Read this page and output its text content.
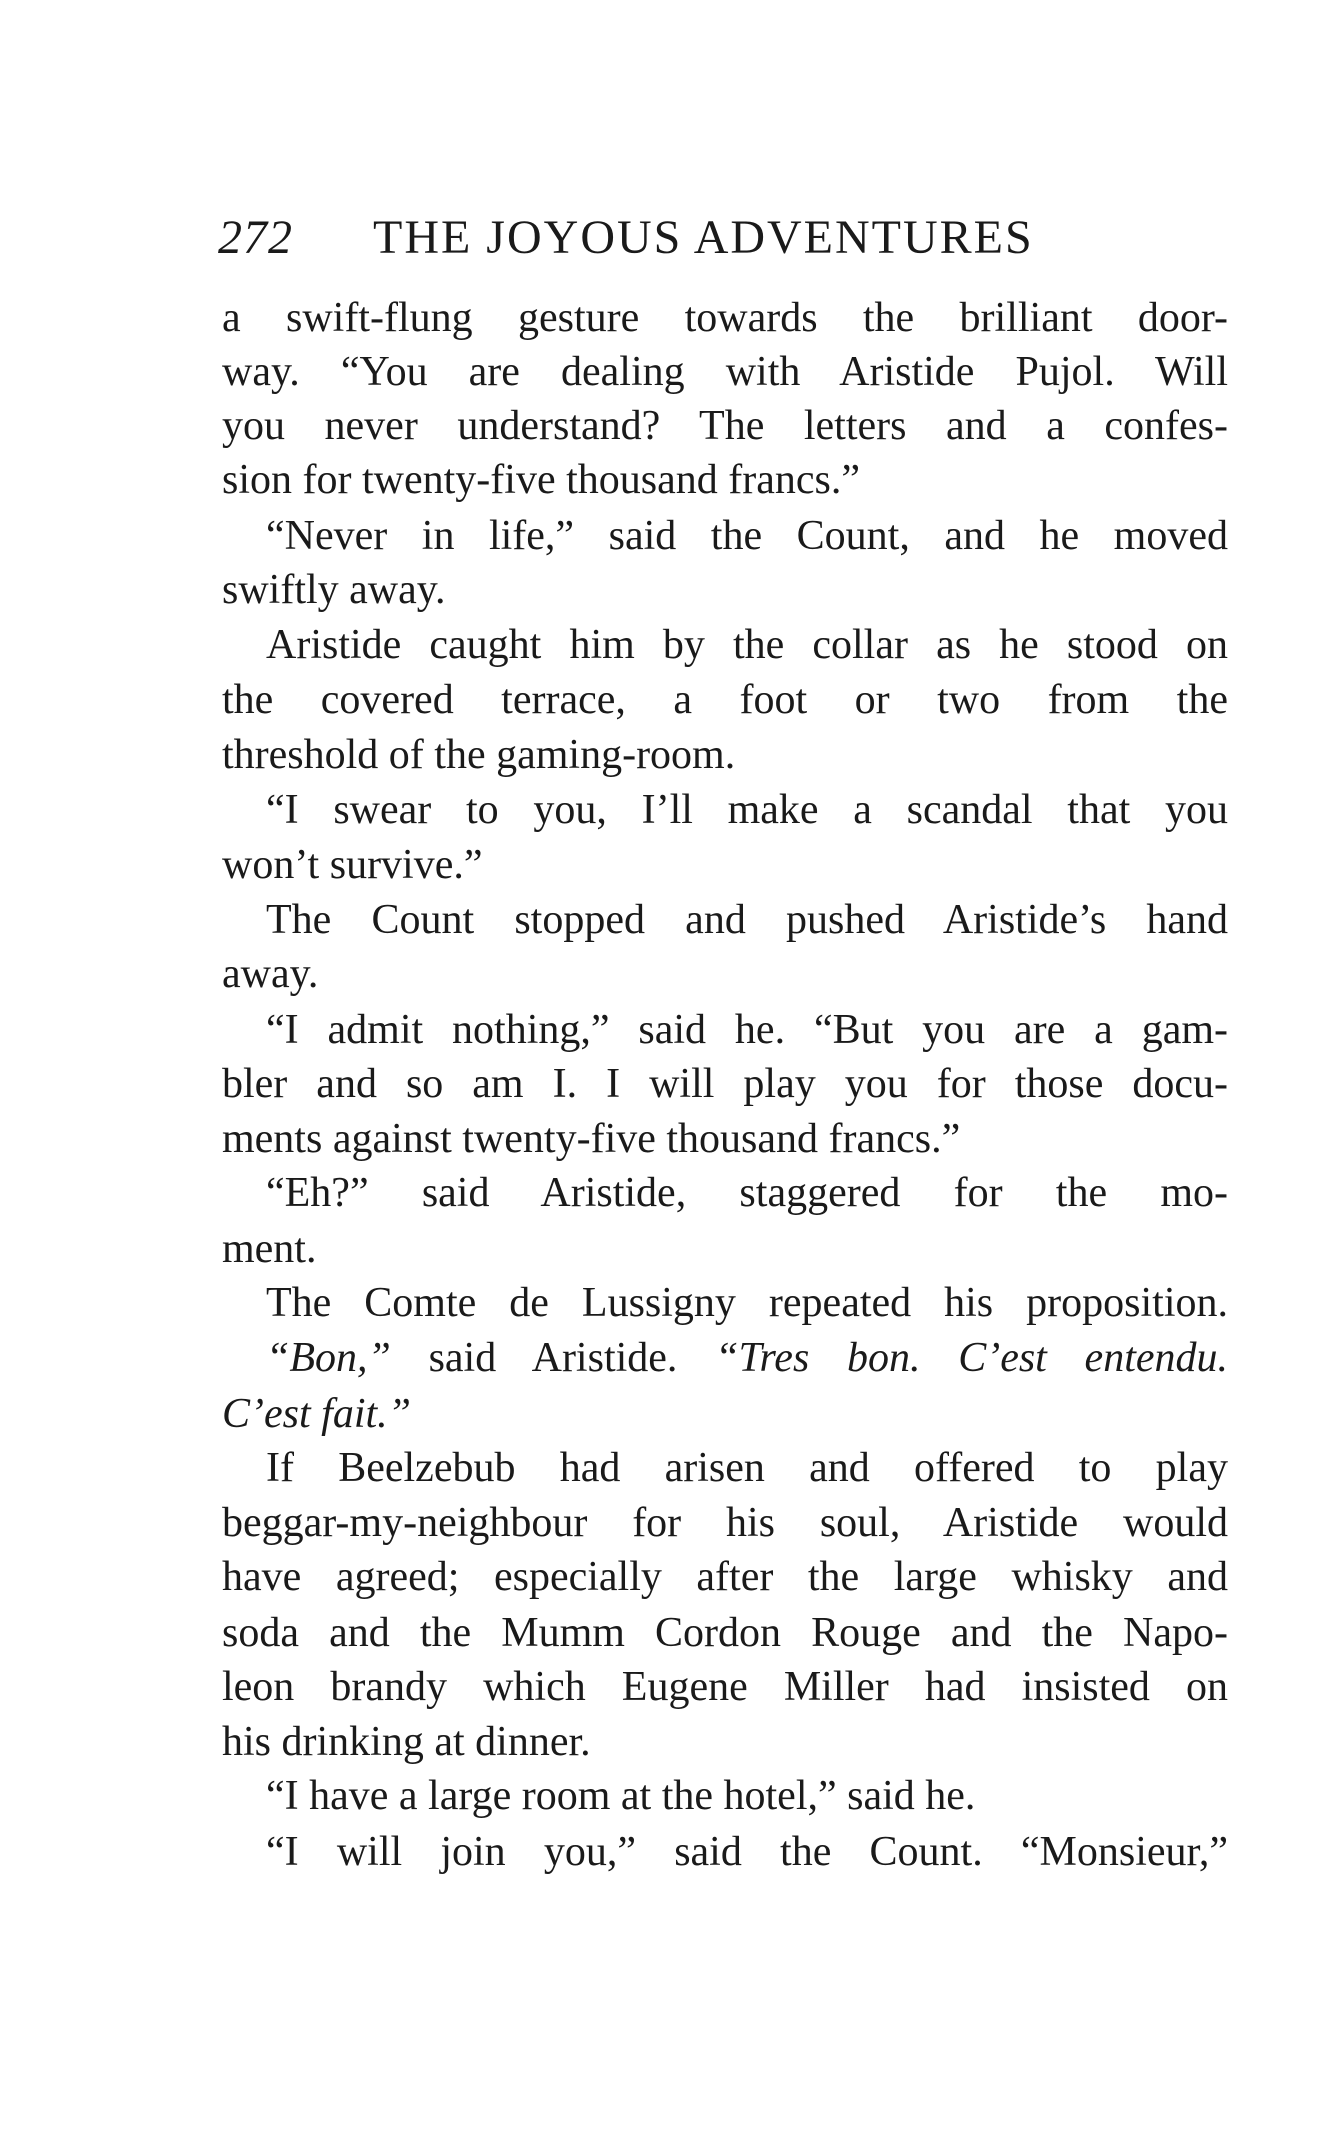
272 THE JOYOUS ADVENTURES
a swift-flung gesture towards the brilliant door-
way. “You are dealing with Aristide Pujol. Will
you never understand? The letters and a confes-
sion for twenty-five thousand francs.”
“Never in life,” said the Count, and he moved
swiftly away.
Aristide caught him by the collar as he stood on
the covered terrace, a foot or two from the
threshold of the gaming-room.
“I swear to you, I’ll make a scandal that you
won’t survive.”
The Count stopped and pushed Aristide’s hand
away.
“I admit nothing,” said he. “But you are a gam-
bler and so am I. I will play you for those docu-
ments against twenty-five thousand francs.”
“Eh?” said Aristide, staggered for the mo-
ment.
The Comte de Lussigny repeated his proposition.
“Bon,” said Aristide. “Tres bon. C’est entendu.
C’est fait.”
If Beelzebub had arisen and offered to play
beggar-my-neighbour for his soul, Aristide would
have agreed; especially after the large whisky and
soda and the Mumm Cordon Rouge and the Napo-
leon brandy which Eugene Miller had insisted on
his drinking at dinner.
“I have a large room at the hotel,” said he.
“I will join you,” said the Count. “Monsieur,”
